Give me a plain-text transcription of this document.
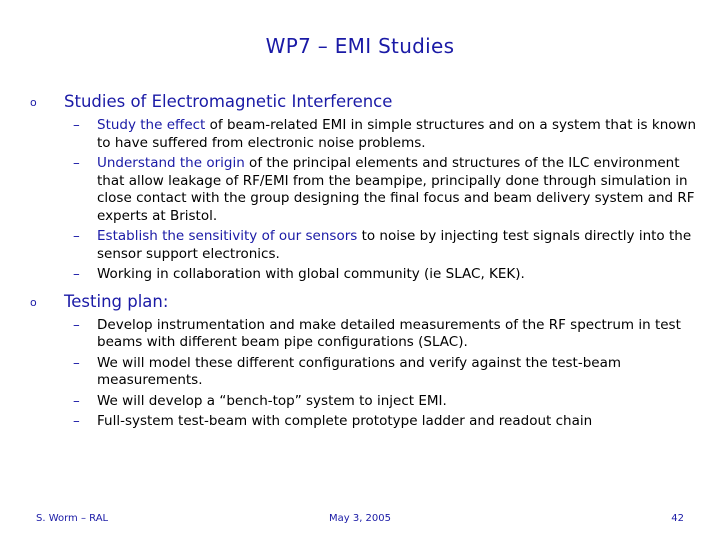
WP7 – EMI Studies
o	Studies of Electromagnetic Interference
–	Study the effect of beam-related EMI in simple structures and on a system that is known to have suffered from electronic noise problems.
–	Understand the origin of the principal elements and structures of the ILC environment that allow leakage of RF/EMI from the beampipe, principally done through simulation in close contact with the group designing the final focus and beam delivery system and RF experts at Bristol.
–	Establish the sensitivity of our sensors to noise by injecting test signals directly into the sensor support electronics.
–	Working in collaboration with global community (ie SLAC, KEK).
o	Testing plan:
–	Develop instrumentation and make detailed measurements of the RF spectrum in test beams with different beam pipe configurations (SLAC).
–	We will model these different configurations and verify against the test-beam measurements.
–	We will develop a “bench-top” system to inject EMI.
–	Full-system test-beam with complete prototype ladder and readout chain
S. Worm – RAL	May 3, 2005	42
